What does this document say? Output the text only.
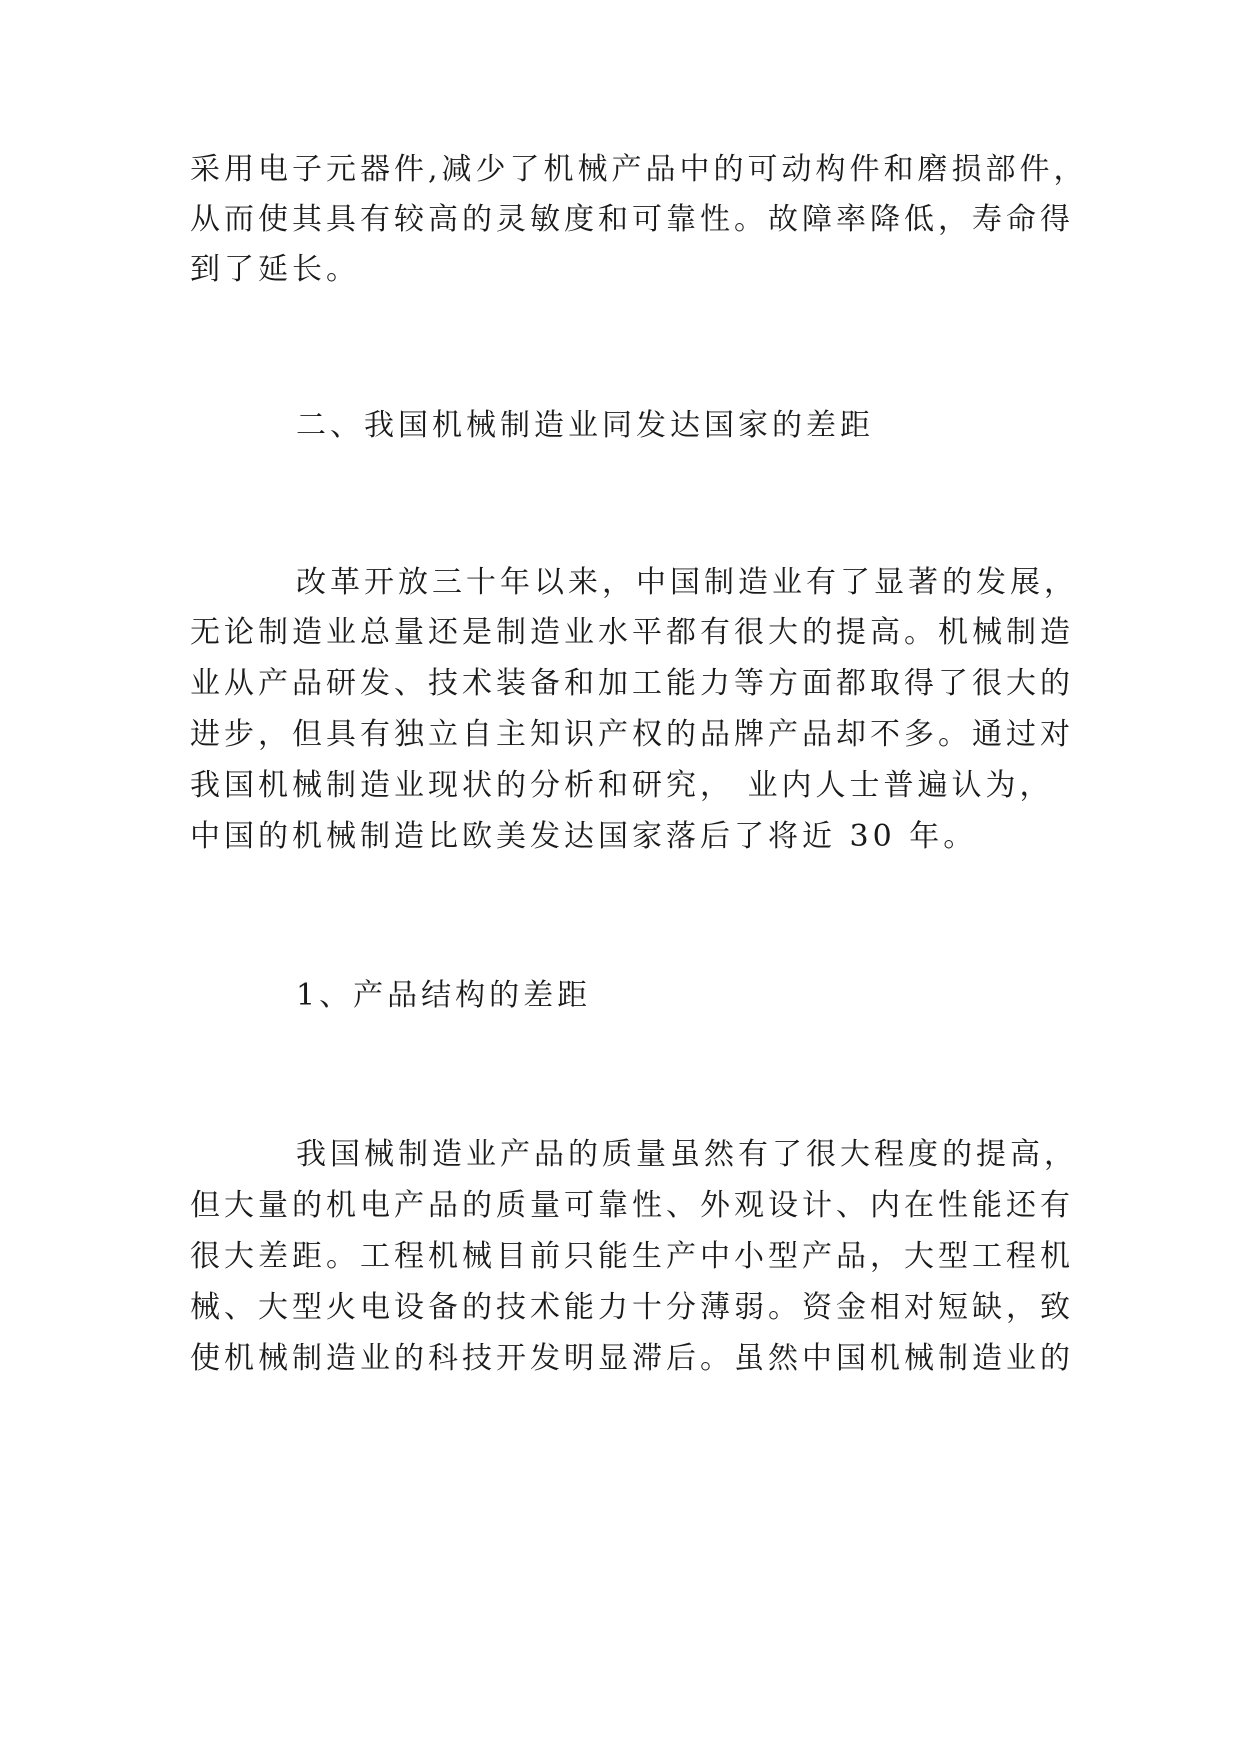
采用电子元器件,减少了机械产品中的可动构件和磨损部件，
从而使其具有较高的灵敏度和可靠性。故障率降低，寿命得
到了延长。
二、我国机械制造业同发达国家的差距
改革开放三十年以来，中国制造业有了显著的发展，
无论制造业总量还是制造业水平都有很大的提高。机械制造
业从产品研发、技术装备和加工能力等方面都取得了很大的
进步，但具有独立自主知识产权的品牌产品却不多。通过对
我国机械制造业现状的分析和研究， 业内人士普遍认为，
中国的机械制造比欧美发达国家落后了将近 30 年。
1、产品结构的差距
我国械制造业产品的质量虽然有了很大程度的提高，
但大量的机电产品的质量可靠性、外观设计、内在性能还有
很大差距。工程机械目前只能生产中小型产品，大型工程机
械、大型火电设备的技术能力十分薄弱。资金相对短缺，致
使机械制造业的科技开发明显滞后。虽然中国机械制造业的
